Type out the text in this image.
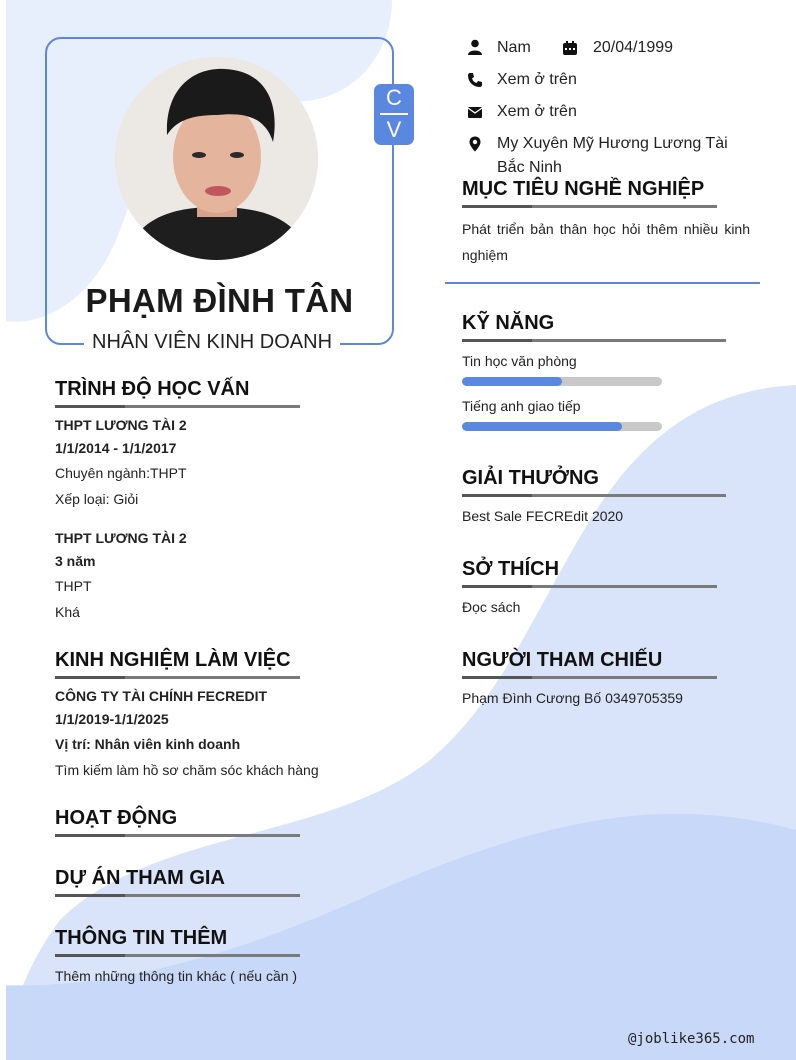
C
V
PHẠM ĐÌNH TÂN
NHÂN VIÊN KINH DOANH
Nam	20/04/1999
Xem ở trên
Xem ở trên
My Xuyên Mỹ Hương Lương Tài
Bắc Ninh
TRÌNH ĐỘ HỌC VẤN
THPT LƯƠNG TÀI 2
1/1/2014 - 1/1/2017
Chuyên ngành:THPT
Xếp loại: Giỏi
THPT LƯƠNG TÀI 2
3 năm
THPT
Khá
KINH NGHIỆM LÀM VIỆC
CÔNG TY TÀI CHÍNH FECREDIT
1/1/2019-1/1/2025
Vị trí: Nhân viên kinh doanh
Tìm kiếm làm hồ sơ chăm sóc khách hàng
HOẠT ĐỘNG
DỰ ÁN THAM GIA
THÔNG TIN THÊM
Thêm những thông tin khác ( nếu cần )
MỤC TIÊU NGHỀ NGHIỆP
Phát triển bản thân học hỏi thêm nhiều kinh nghiệm
KỸ NĂNG
Tin học văn phòng
Tiếng anh giao tiếp
GIẢI THƯỞNG
Best Sale FECREdit 2020
SỞ THÍCH
Đọc sách
NGƯỜI THAM CHIẾU
Phạm Đình Cương Bố 0349705359
@joblike365.com
